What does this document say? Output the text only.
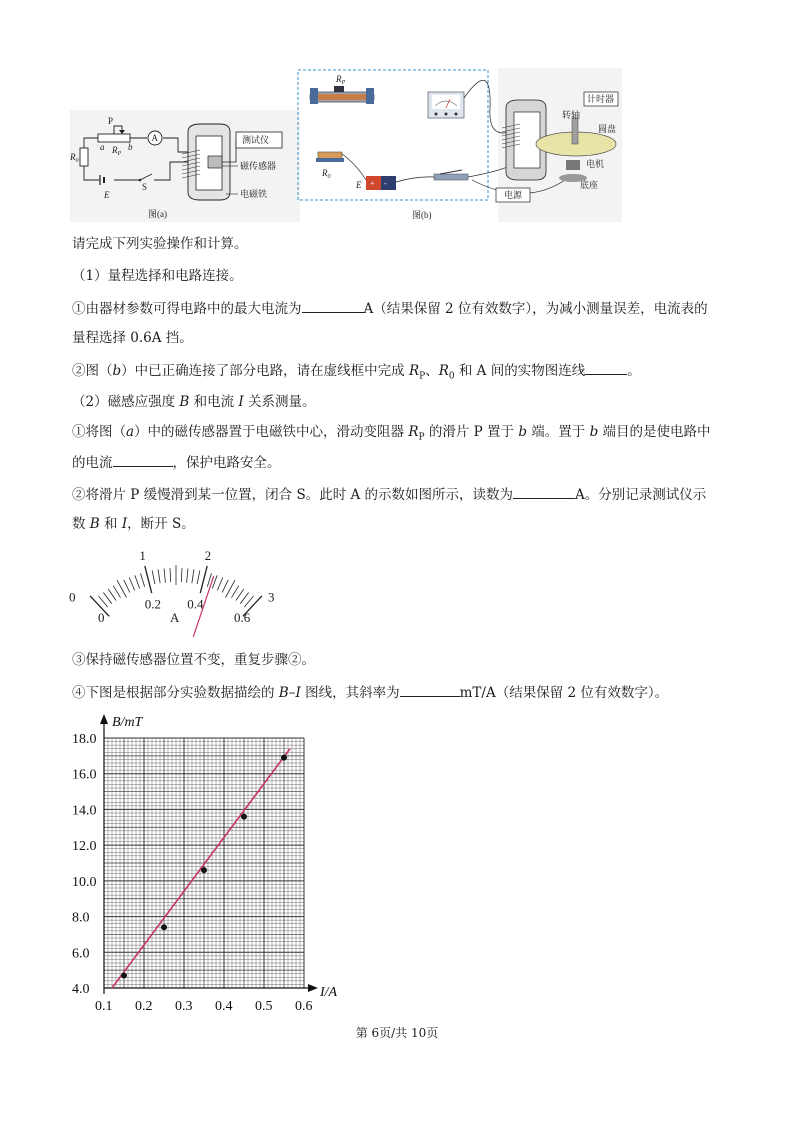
P
a	b
$R_P$
A
$R_0$
E
S
测试仪
磁传感器
电磁铁
图(a)
$R_P$
$R_0$
+ -
E
计时器
转轴
圆盘
电机
底座
电源
图(b)
请完成下列实验操作和计算。
（1）量程选择和电路连接。
①由器材参数可得电路中的最大电流为	A（结果保留 2 位有效数字），为减小测量误差，电流表的
量程选择 0.6A 挡。
②图（b）中已正确连接了部分电路，请在虚线框中完成 $R_P$、$R_0$ 和 A 间的实物图连线	。
（2）磁感应强度 B 和电流 I 关系测量。
①将图（a）中的磁传感器置于电磁铁中心，滑动变阻器 $R_P$ 的滑片 P 置于 b 端。置于 b 端目的是使电路中
的电流	，保护电路安全。
②将滑片 P 缓慢滑到某一位置，闭合 S。此时 A 的示数如图所示，读数为	A。分别记录测试仪示
数 B 和 I，断开 S。
0
1	2
3
0.2 0.4
0	0.6
A
③保持磁传感器位置不变，重复步骤②。
④下图是根据部分实验数据描绘的 B–I 图线，其斜率为	mT/A（结果保留 2 位有效数字）。
4.0
6.0
8.0
10.0
12.0
14.0
16.0
18.0
0.1 0.2 0.3 0.4 0.5 0.6
B/mT
I/A
第 6页/共 10页
